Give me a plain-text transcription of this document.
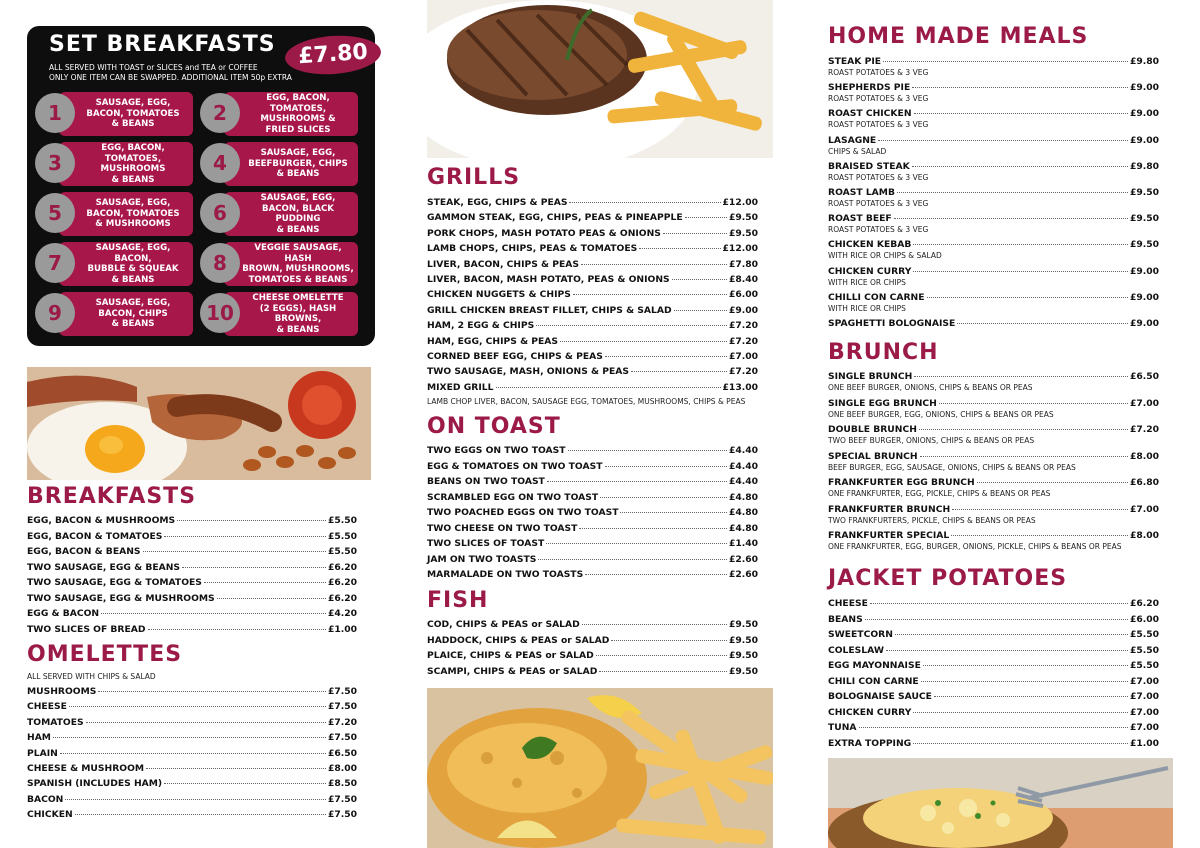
SET BREAKFASTS £7.80
ALL SERVED WITH TOAST or SLICES and TEA or COFFEE
ONLY ONE ITEM CAN BE SWAPPED. ADDITIONAL ITEM 50p EXTRA
SAUSAGE, EGG,
BACON, TOMATOES
& BEANS
1
EGG, BACON, TOMATOES,
MUSHROOMS &
FRIED SLICES
2
EGG, BACON, TOMATOES,
MUSHROOMS
& BEANS
3	SAUSAGE, EGG,
BEEFBURGER, CHIPS
& BEANS
4
SAUSAGE, EGG,
BACON, TOMATOES
& MUSHROOMS
5
SAUSAGE, EGG,
BACON, BLACK PUDDING
& BEANS
6
SAUSAGE, EGG, BACON,
BUBBLE & SQUEAK
& BEANS
7
VEGGIE SAUSAGE, HASH
BROWN, MUSHROOMS,
TOMATOES & BEANS
8
SAUSAGE, EGG,
BACON, CHIPS
& BEANS
9
CHEESE OMELETTE
(2 EGGS), HASH BROWNS,
& BEANS
10
BREAKFASTS
EGG, BACON & MUSHROOMS	£5.50
EGG, BACON & TOMATOES	£5.50
EGG, BACON & BEANS	£5.50
TWO SAUSAGE, EGG & BEANS	£6.20
TWO SAUSAGE, EGG & TOMATOES	£6.20
TWO SAUSAGE, EGG & MUSHROOMS	£6.20
EGG & BACON	£4.20
TWO SLICES OF BREAD	£1.00
OMELETTES
ALL SERVED WITH CHIPS & SALAD
MUSHROOMS	£7.50
CHEESE	£7.50
TOMATOES	£7.20
HAM	£7.50
PLAIN	£6.50
CHEESE & MUSHROOM	£8.00
SPANISH (INCLUDES HAM)	£8.50
BACON	£7.50
CHICKEN	£7.50
GRILLS
STEAK, EGG, CHIPS & PEAS	£12.00
GAMMON STEAK, EGG, CHIPS, PEAS & PINEAPPLE	£9.50
PORK CHOPS, MASH POTATO PEAS & ONIONS	£9.50
LAMB CHOPS, CHIPS, PEAS & TOMATOES	£12.00
LIVER, BACON, CHIPS & PEAS	£7.80
LIVER, BACON, MASH POTATO, PEAS & ONIONS	£8.40
CHICKEN NUGGETS & CHIPS	£6.00
GRILL CHICKEN BREAST FILLET, CHIPS & SALAD	£9.00
HAM, 2 EGG & CHIPS	£7.20
HAM, EGG, CHIPS & PEAS	£7.20
CORNED BEEF EGG, CHIPS & PEAS	£7.00
TWO SAUSAGE, MASH, ONIONS & PEAS	£7.20
MIXED GRILL	£13.00
LAMB CHOP LIVER, BACON, SAUSAGE EGG, TOMATOES, MUSHROOMS, CHIPS & PEAS
ON TOAST
TWO EGGS ON TWO TOAST	£4.40
EGG & TOMATOES ON TWO TOAST	£4.40
BEANS ON TWO TOAST	£4.40
SCRAMBLED EGG ON TWO TOAST	£4.80
TWO POACHED EGGS ON TWO TOAST	£4.80
TWO CHEESE ON TWO TOAST	£4.80
TWO SLICES OF TOAST	£1.40
JAM ON TWO TOASTS	£2.60
MARMALADE ON TWO TOASTS	£2.60
FISH
COD, CHIPS & PEAS or SALAD	£9.50
HADDOCK, CHIPS & PEAS or SALAD	£9.50
PLAICE, CHIPS & PEAS or SALAD	£9.50
SCAMPI, CHIPS & PEAS or SALAD	£9.50
HOME MADE MEALS
STEAK PIE	£9.80
ROAST POTATOES & 3 VEG
SHEPHERDS PIE	£9.00
ROAST POTATOES & 3 VEG
ROAST CHICKEN	£9.00
ROAST POTATOES & 3 VEG
LASAGNE	£9.00
CHIPS & SALAD
BRAISED STEAK	£9.80
ROAST POTATOES & 3 VEG
ROAST LAMB	£9.50
ROAST POTATOES & 3 VEG
ROAST BEEF	£9.50
ROAST POTATOES & 3 VEG
CHICKEN KEBAB	£9.50
WITH RICE OR CHIPS & SALAD
CHICKEN CURRY	£9.00
WITH RICE OR CHIPS
CHILLI CON CARNE	£9.00
WITH RICE OR CHIPS
SPAGHETTI BOLOGNAISE	£9.00
BRUNCH
SINGLE BRUNCH	£6.50
ONE BEEF BURGER, ONIONS, CHIPS & BEANS OR PEAS
SINGLE EGG BRUNCH	£7.00
ONE BEEF BURGER, EGG, ONIONS, CHIPS & BEANS OR PEAS
DOUBLE BRUNCH	£7.20
TWO BEEF BURGER, ONIONS, CHIPS & BEANS OR PEAS
SPECIAL BRUNCH	£8.00
BEEF BURGER, EGG, SAUSAGE, ONIONS, CHIPS & BEANS OR PEAS
FRANKFURTER EGG BRUNCH	£6.80
ONE FRANKFURTER, EGG, PICKLE, CHIPS & BEANS OR PEAS
FRANKFURTER BRUNCH	£7.00
TWO FRANKFURTERS, PICKLE, CHIPS & BEANS OR PEAS
FRANKFURTER SPECIAL	£8.00
ONE FRANKFURTER, EGG, BURGER, ONIONS, PICKLE, CHIPS & BEANS OR PEAS
JACKET POTATOES
CHEESE	£6.20
BEANS	£6.00
SWEETCORN	£5.50
COLESLAW	£5.50
EGG MAYONNAISE	£5.50
CHILI CON CARNE	£7.00
BOLOGNAISE SAUCE	£7.00
CHICKEN CURRY	£7.00
TUNA	£7.00
EXTRA TOPPING	£1.00
